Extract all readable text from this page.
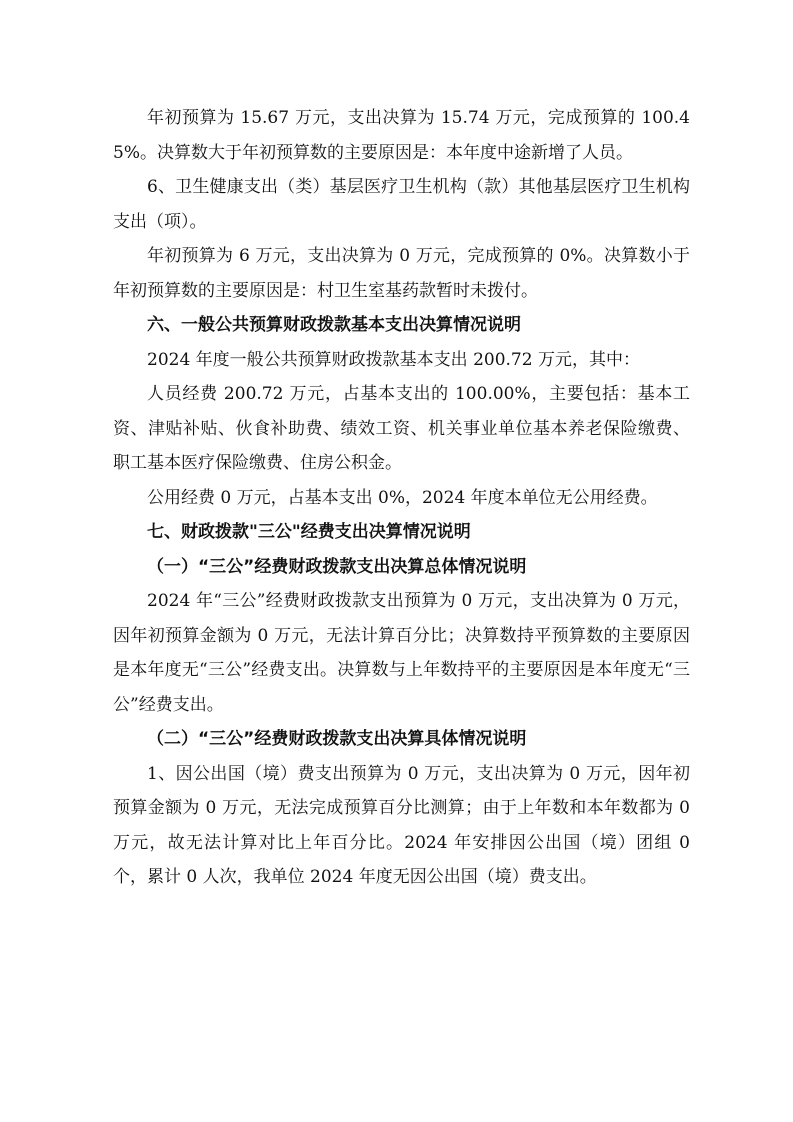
年初预算为 15.67 万元，支出决算为 15.74 万元，完成预算的 100.45%。决算数大于年初预算数的主要原因是：本年度中途新增了人员。

6、卫生健康支出（类）基层医疗卫生机构（款）其他基层医疗卫生机构支出（项）。

年初预算为 6 万元，支出决算为 0 万元，完成预算的 0%。决算数小于年初预算数的主要原因是：村卫生室基药款暂时未拨付。

六、一般公共预算财政拨款基本支出决算情况说明

2024 年度一般公共预算财政拨款基本支出 200.72 万元，其中：

人员经费 200.72 万元，占基本支出的 100.00%，主要包括：基本工资、津贴补贴、伙食补助费、绩效工资、机关事业单位基本养老保险缴费、职工基本医疗保险缴费、住房公积金。

公用经费 0 万元，占基本支出 0%，2024 年度本单位无公用经费。

七、财政拨款"三公"经费支出决算情况说明

（一）“三公”经费财政拨款支出决算总体情况说明

2024 年“三公”经费财政拨款支出预算为 0 万元，支出决算为 0 万元，因年初预算金额为 0 万元，无法计算百分比；决算数持平预算数的主要原因是本年度无“三公”经费支出。决算数与上年数持平的主要原因是本年度无“三公”经费支出。

（二）“三公”经费财政拨款支出决算具体情况说明

1、因公出国（境）费支出预算为 0 万元，支出决算为 0 万元，因年初预算金额为 0 万元，无法完成预算百分比测算；由于上年数和本年数都为 0 万元，故无法计算对比上年百分比。2024 年安排因公出国（境）团组 0 个，累计 0 人次，我单位 2024 年度无因公出国（境）费支出。
